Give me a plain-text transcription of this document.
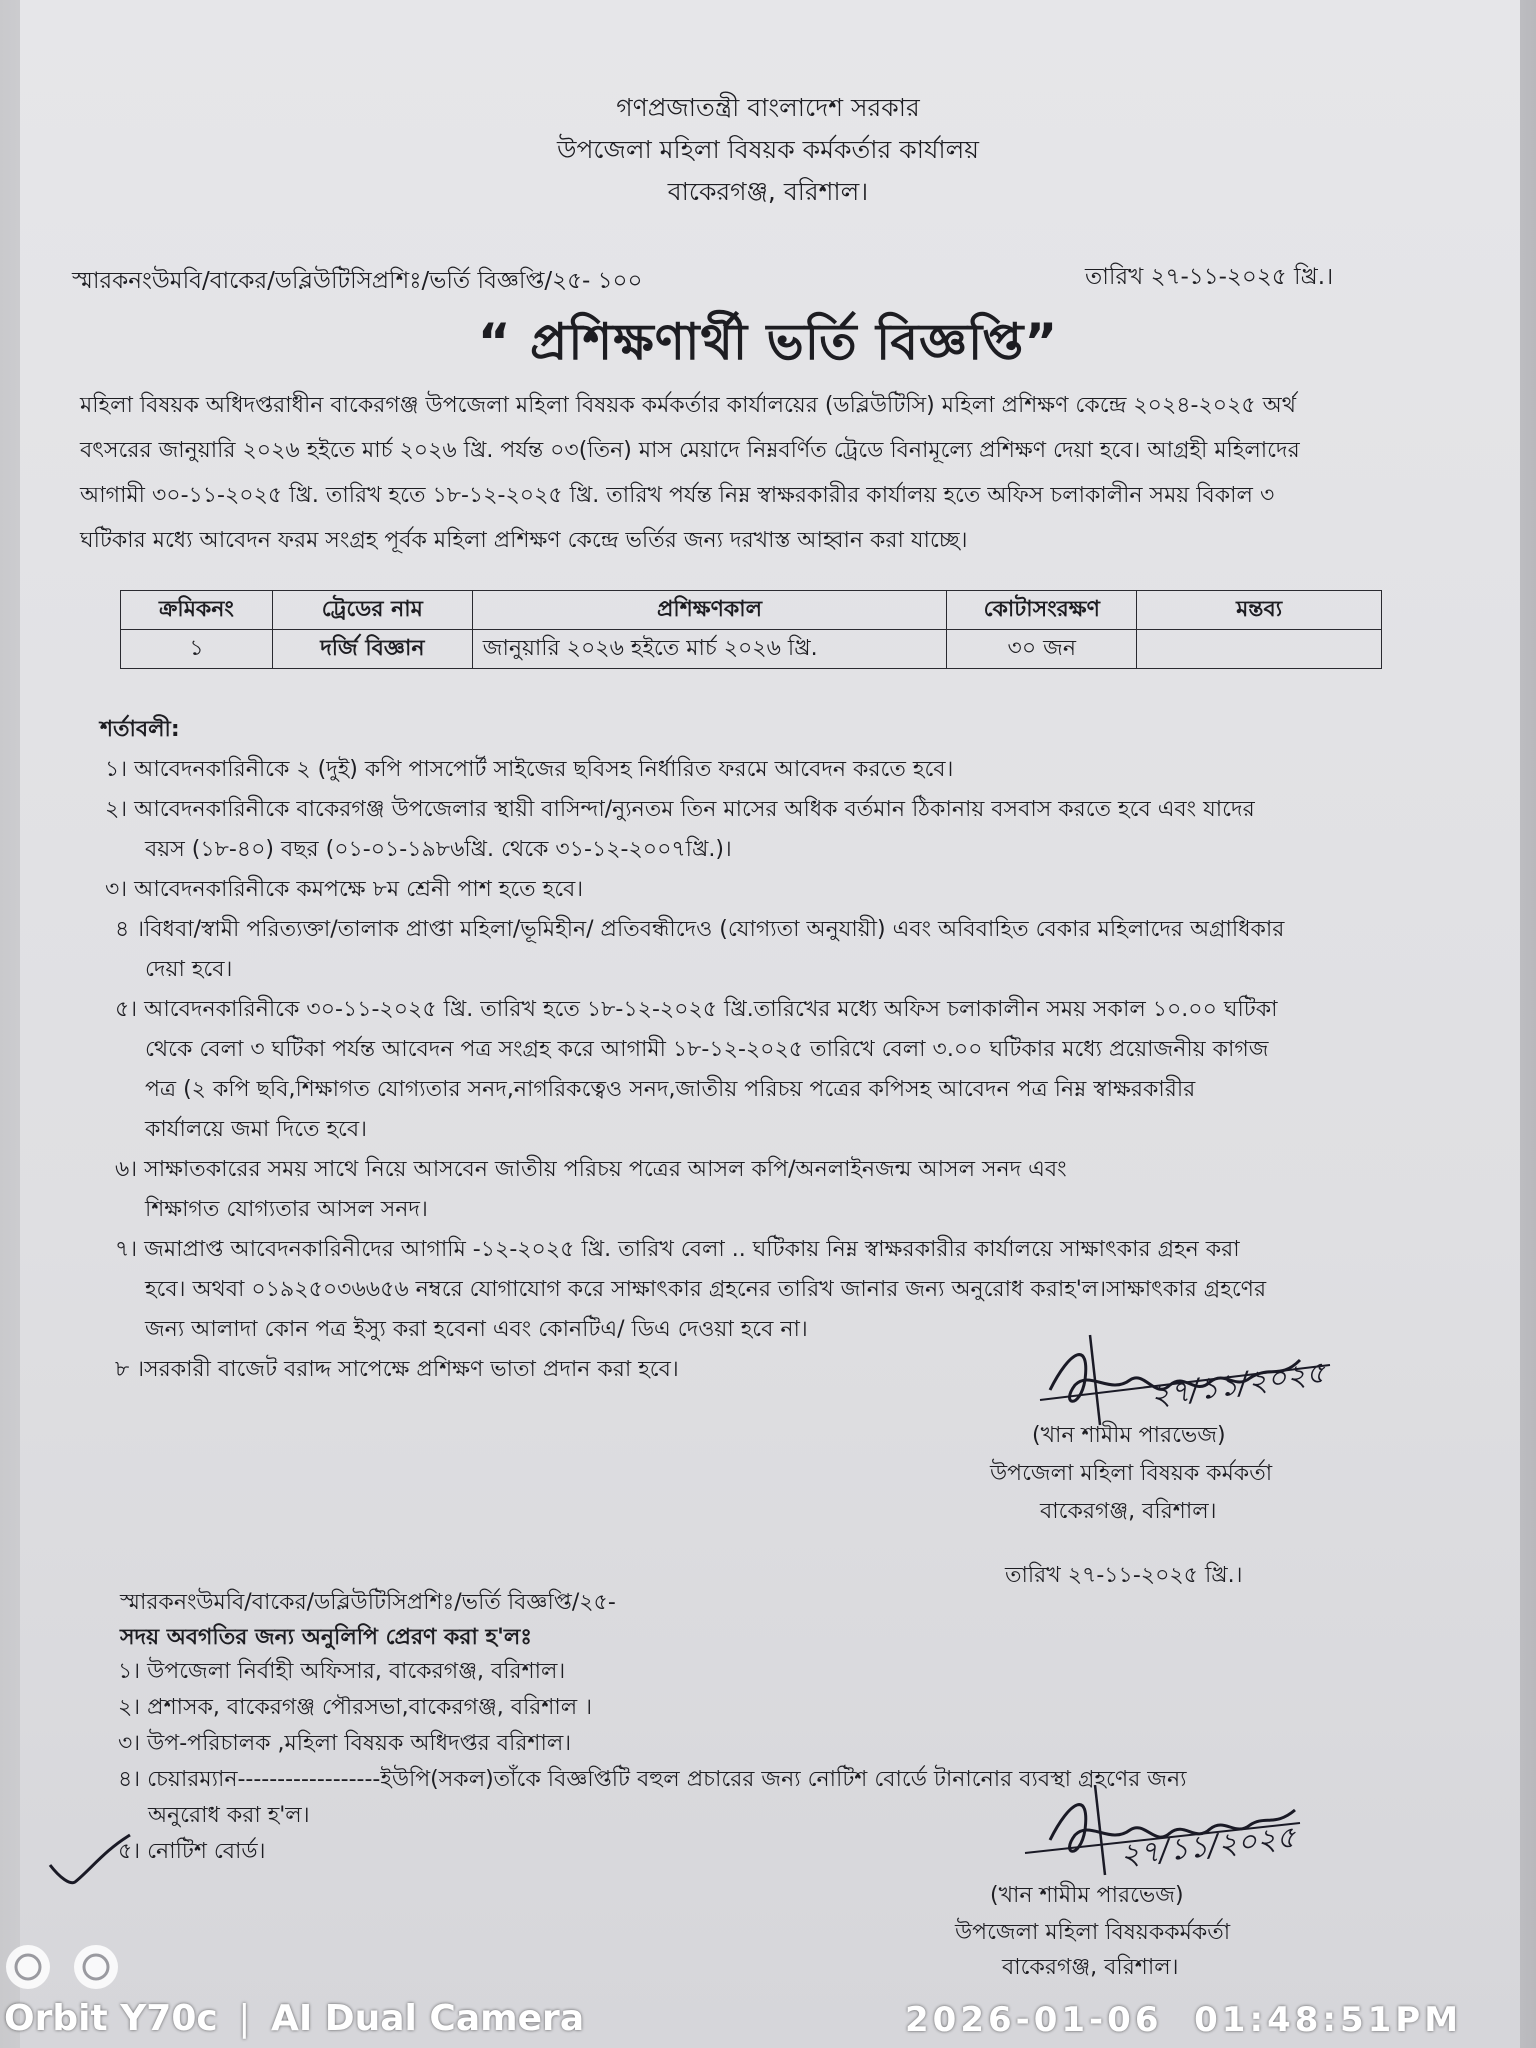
গণপ্রজাতন্ত্রী বাংলাদেশ সরকার
উপজেলা মহিলা বিষয়ক কর্মকর্তার কার্যালয়
বাকেরগঞ্জ, বরিশাল।
স্মারকনংউমবি/বাকের/ডব্লিউটিসিপ্রশিঃ/ভর্তি বিজ্ঞপ্তি/২৫- ১০০	তারিখ ২৭-১১-২০২৫ খ্রি.।
“ প্রশিক্ষণার্থী ভর্তি বিজ্ঞপ্তি”

মহিলা বিষয়ক অধিদপ্তরাধীন বাকেরগঞ্জ উপজেলা মহিলা বিষয়ক কর্মকর্তার কার্যালয়ের (ডব্লিউটিসি) মহিলা প্রশিক্ষণ কেন্দ্রে ২০২৪-২০২৫ অর্থ

বৎসরের জানুয়ারি ২০২৬ হইতে মার্চ ২০২৬ খ্রি. পর্যন্ত ০৩(তিন) মাস মেয়াদে নিম্নবর্ণিত ট্রেডে বিনামূল্যে প্রশিক্ষণ দেয়া হবে। আগ্রহী মহিলাদের

আগামী ৩০-১১-২০২৫ খ্রি. তারিখ হতে ১৮-১২-২০২৫ খ্রি. তারিখ পর্যন্ত নিম্ন স্বাক্ষরকারীর কার্যালয় হতে অফিস চলাকালীন সময় বিকাল ৩

ঘটিকার মধ্যে আবেদন ফরম সংগ্রহ পূর্বক মহিলা প্রশিক্ষণ কেন্দ্রে ভর্তির জন্য দরখাস্ত আহ্বান করা যাচ্ছে।

ক্রমিকনং	ট্রেডের নাম	প্রশিক্ষণকাল	কোটাসংরক্ষণ	মন্তব্য
১	দর্জি বিজ্ঞান	জানুয়ারি ২০২৬ হইতে মার্চ ২০২৬ খ্রি.	৩০ জন	
শর্তাবলী:

১। আবেদনকারিনীকে ২ (দুই) কপি পাসপোর্ট সাইজের ছবিসহ নির্ধারিত ফরমে আবেদন করতে হবে।

২। আবেদনকারিনীকে বাকেরগঞ্জ উপজেলার স্থায়ী বাসিন্দা/ন্যুনতম তিন মাসের অধিক বর্তমান ঠিকানায় বসবাস করতে হবে এবং যাদের

বয়স (১৮-৪০) বছর (০১-০১-১৯৮৬খ্রি. থেকে ৩১-১২-২০০৭খ্রি.)।

৩। আবেদনকারিনীকে কমপক্ষে ৮ম শ্রেনী পাশ হতে হবে।

৪ ।বিধবা/স্বামী পরিত্যক্তা/তালাক প্রাপ্তা মহিলা/ভূমিহীন/ প্রতিবন্ধীদেও (যোগ্যতা অনুযায়ী) এবং অবিবাহিত বেকার মহিলাদের অগ্রাধিকার

দেয়া হবে।

৫। আবেদনকারিনীকে ৩০-১১-২০২৫ খ্রি. তারিখ হতে ১৮-১২-২০২৫ খ্রি.তারিখের মধ্যে অফিস চলাকালীন সময় সকাল ১০.০০ ঘটিকা

থেকে বেলা ৩ ঘটিকা পর্যন্ত আবেদন পত্র সংগ্রহ করে আগামী ১৮-১২-২০২৫ তারিখে বেলা ৩.০০ ঘটিকার মধ্যে প্রয়োজনীয় কাগজ

পত্র (২ কপি ছবি,শিক্ষাগত যোগ্যতার সনদ,নাগরিকত্বেও সনদ,জাতীয় পরিচয় পত্রের কপিসহ আবেদন পত্র নিম্ন স্বাক্ষরকারীর

কার্যালয়ে জমা দিতে হবে।

৬। সাক্ষাতকারের সময় সাথে নিয়ে আসবেন জাতীয় পরিচয় পত্রের আসল কপি/অনলাইনজন্ম আসল সনদ এবং

শিক্ষাগত যোগ্যতার আসল সনদ।

৭। জমাপ্রাপ্ত আবেদনকারিনীদের আগামি -১২-২০২৫ খ্রি. তারিখ বেলা .. ঘটিকায় নিম্ন স্বাক্ষরকারীর কার্যালয়ে সাক্ষাৎকার গ্রহন করা

হবে। অথবা ০১৯২৫০৩৬৬৫৬ নম্বরে যোগাযোগ করে সাক্ষাৎকার গ্রহনের তারিখ জানার জন্য অনুরোধ করাহ'ল।সাক্ষাৎকার গ্রহণের

জন্য আলাদা কোন পত্র ইস্যু করা হবেনা এবং কোনটিএ/ ডিএ দেওয়া হবে না।

৮ ।সরকারী বাজেট বরাদ্দ সাপেক্ষে প্রশিক্ষণ ভাতা প্রদান করা হবে।	২৭/১১/২০২৫
(খান শামীম পারভেজ)
উপজেলা মহিলা বিষয়ক কর্মকর্তা
বাকেরগঞ্জ, বরিশাল।
তারিখ ২৭-১১-২০২৫ খ্রি.।
স্মারকনংউমবি/বাকের/ডব্লিউটিসিপ্রশিঃ/ভর্তি বিজ্ঞপ্তি/২৫-
সদয় অবগতির জন্য অনুলিপি প্রেরণ করা হ'লঃ

১। উপজেলা নির্বাহী অফিসার, বাকেরগঞ্জ, বরিশাল।

২। প্রশাসক, বাকেরগঞ্জ পৌরসভা,বাকেরগঞ্জ, বরিশাল ।

৩। উপ-পরিচালক ,মহিলা বিষয়ক অধিদপ্তর বরিশাল।

৪। চেয়ারম্যান------------------ইউপি(সকল)তাঁকে বিজ্ঞপ্তিটি বহুল প্রচারের জন্য নোটিশ বোর্ডে টানানোর ব্যবস্থা গ্রহণের জন্য

অনুরোধ করা হ'ল।

৫। নোটিশ বোর্ড।	২৭/১১/২০২৫
(খান শামীম পারভেজ)
উপজেলা মহিলা বিষয়ককর্মকর্তা
বাকেরগঞ্জ, বরিশাল।
Orbit Y70c | AI Dual Camera	2026-01-06  01:48:51PM
